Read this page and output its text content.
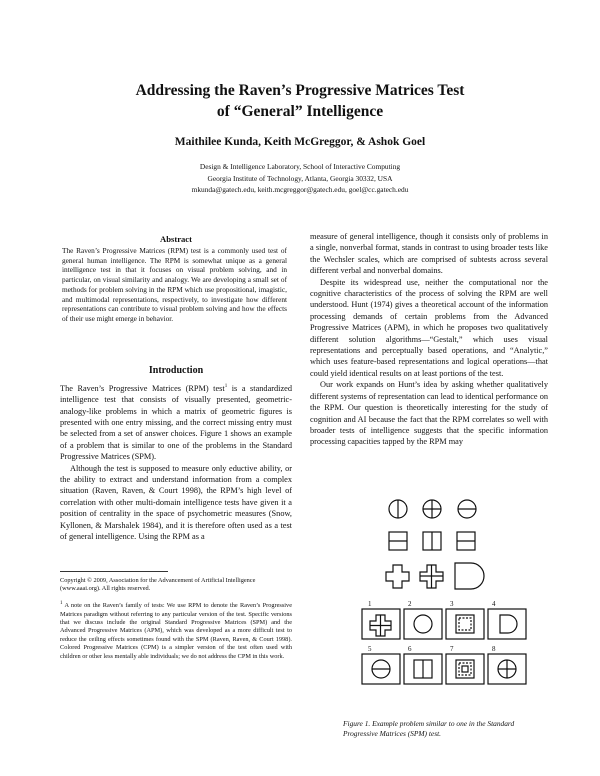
Addressing the Raven’s Progressive Matrices Test
of “General” Intelligence
Maithilee Kunda, Keith McGreggor, & Ashok Goel
Design & Intelligence Laboratory, School of Interactive Computing
Georgia Institute of Technology, Atlanta, Georgia 30332, USA
mkunda@gatech.edu, keith.mcgreggor@gatech.edu, goel@cc.gatech.edu
Abstract
The Raven’s Progressive Matrices (RPM) test is a commonly used test of general human intelligence. The RPM is somewhat unique as a general intelligence test in that it focuses on visual problem solving, and in particular, on visual similarity and analogy. We are developing a small set of methods for problem solving in the RPM which use propositional, imagistic, and multimodal representations, respectively, to investigate how different representations can contribute to visual problem solving and how the effects of their use might emerge in behavior.
Introduction

The Raven’s Progressive Matrices (RPM) test$^1$ is a standardized intelligence test that consists of visually presented, geometric-analogy-like problems in which a matrix of geometric figures is presented with one entry missing, and the correct missing entry must be selected from a set of answer choices. Figure 1 shows an example of a problem that is similar to one of the problems in the Standard Progressive Matrices (SPM).

Although the test is supposed to measure only eductive ability, or the ability to extract and understand information from a complex situation (Raven, Raven, & Court 1998), the RPM’s high level of correlation with other multi-domain intelligence tests have given it a position of centrality in the space of psychometric measures (Snow, Kyllonen, & Marshalek 1984), and it is therefore often used as a test of general intelligence. Using the RPM as a

Copyright © 2009, Association for the Advancement of Artificial Intelligence (www.aaai.org). All rights reserved.
$^1$ A note on the Raven’s family of tests: We use RPM to denote the Raven’s Progressive Matrices paradigm without referring to any particular version of the test. Specific versions that we discuss include the original Standard Progressive Matrices (SPM) and the Advanced Progressive Matrices (APM), which was developed as a more difficult test to reduce the ceiling effects sometimes found with the SPM (Raven, Raven, & Court 1998). Colored Progressive Matrices (CPM) is a simpler version of the test often used with children or other less mentally able individuals; we do not address the CPM in this work.

measure of general intelligence, though it consists only of problems in a single, nonverbal format, stands in contrast to using broader tests like the Wechsler scales, which are comprised of subtests across several different verbal and nonverbal domains.

Despite its widespread use, neither the computational nor the cognitive characteristics of the process of solving the RPM are well understood. Hunt (1974) gives a theoretical account of the information processing demands of certain problems from the Advanced Progressive Matrices (APM), in which he proposes two qualitatively different solution algorithms—“Gestalt,” which uses visual representations and perceptually based operations, and “Analytic,” which uses feature-based representations and logical operations—that could yield identical results on at least portions of the test.

Our work expands on Hunt’s idea by asking whether qualitatively different systems of representation can lead to identical performance on the RPM. Our question is theoretically interesting for the study of cognition and AI because the fact that the RPM correlates so well with broader tests of intelligence suggests that the specific information processing capacities tapped by the RPM may

1	2	3	4
5	6	7	8
Figure 1. Example problem similar to one in the Standard Progressive Matrices (SPM) test.
